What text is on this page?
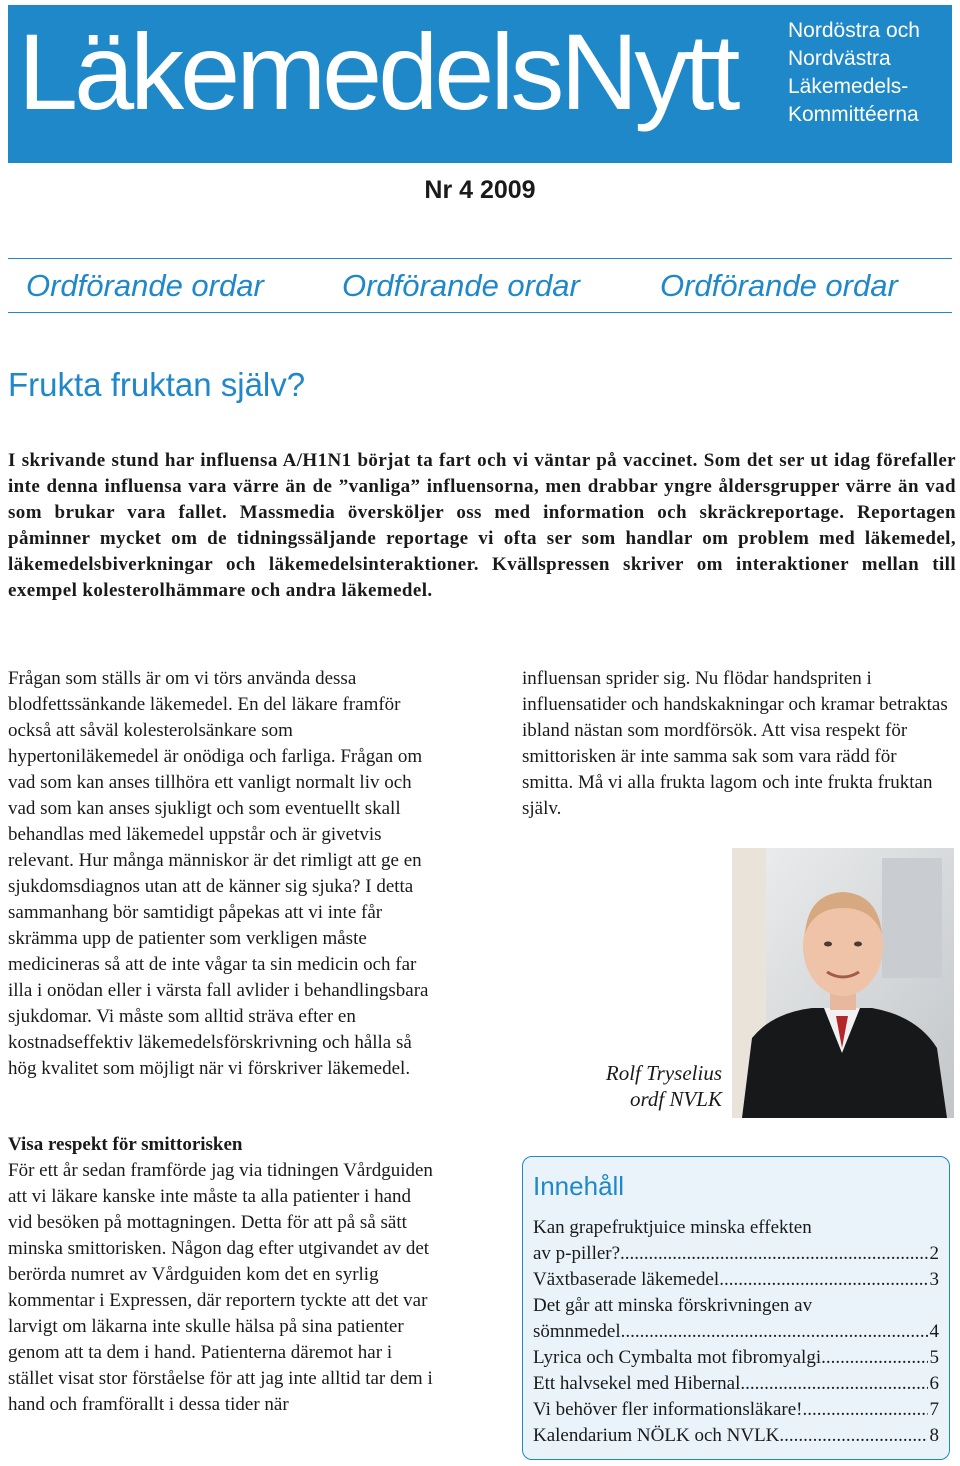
LäkemedelsNytt Nordöstra och
Nordvästra
Läkemedels-
Kommittéerna
Nr 4 2009
Ordförande ordar	Ordförande ordar	Ordförande ordar
Frukta fruktan själv?

I skrivande stund har influensa A/H1N1 börjat ta fart och vi väntar på vaccinet. Som det ser ut idag förefaller inte denna influensa vara värre än de ”vanliga” influensorna, men drabbar yngre åldersgrupper värre än vad som brukar vara fallet. Massmedia översköljer oss med information och skräckreportage. Reportagen påminner mycket om de tidningssäljande reportage vi ofta ser som handlar om problem med läkemedel, läkemedelsbiverkningar och läkemedelsinteraktioner. Kvällspressen skriver om interaktioner mellan till exempel kolesterolhämmare och andra läkemedel.

Frågan som ställs är om vi törs använda dessa blodfettssänkande läkemedel. En del läkare framför också att såväl kolesterolsänkare som hypertoniläkemedel är onödiga och farliga. Frågan om vad som kan anses tillhöra ett vanligt normalt liv och vad som kan anses sjukligt och som eventuellt skall behandlas med läkemedel uppstår och är givetvis relevant. Hur många människor är det rimligt att ge en sjukdomsdiagnos utan att de känner sig sjuka? I detta sammanhang bör samtidigt påpekas att vi inte får skrämma upp de patienter som verkligen måste medicineras så att de inte vågar ta sin medicin och far illa i onödan eller i värsta fall avlider i behandlingsbara sjukdomar. Vi måste som alltid sträva efter en kostnadseffektiv läkemedelsförskrivning och hålla så hög kvalitet som möjligt när vi förskriver läkemedel.

Visa respekt för smittorisken

För ett år sedan framförde jag via tidningen Vårdguiden att vi läkare kanske inte måste ta alla patienter i hand vid besöken på mottagningen. Detta för att på så sätt minska smittorisken. Någon dag efter utgivandet av det berörda numret av Vårdguiden kom det en syrlig kommentar i Expressen, där reportern tyckte att det var larvigt om läkarna inte skulle hälsa på sina patienter genom att ta dem i hand. Patienterna däremot har i stället visat stor förståelse för att jag inte alltid tar dem i hand och framförallt i dessa tider när

influensan sprider sig. Nu flödar handspriten i influensatider och handskakningar och kramar betraktas ibland nästan som mordförsök. Att visa respekt för smittorisken är inte samma sak som vara rädd för smitta. Må vi alla frukta lagom och inte frukta fruktan själv.

Rolf Tryselius
ordf NVLK
Innehåll
Kan grapefruktjuice minska effekten
av p-piller? .....	2
Växtbaserade läkemedel .....	3
Det går att minska förskrivningen av
sömnmedel .....	4
Lyrica och Cymbalta mot fibromyalgi .....	5
Ett halvsekel med Hibernal .....	6
Vi behöver fler informationsläkare! .....	7
Kalendarium NÖLK och NVLK .....	8
